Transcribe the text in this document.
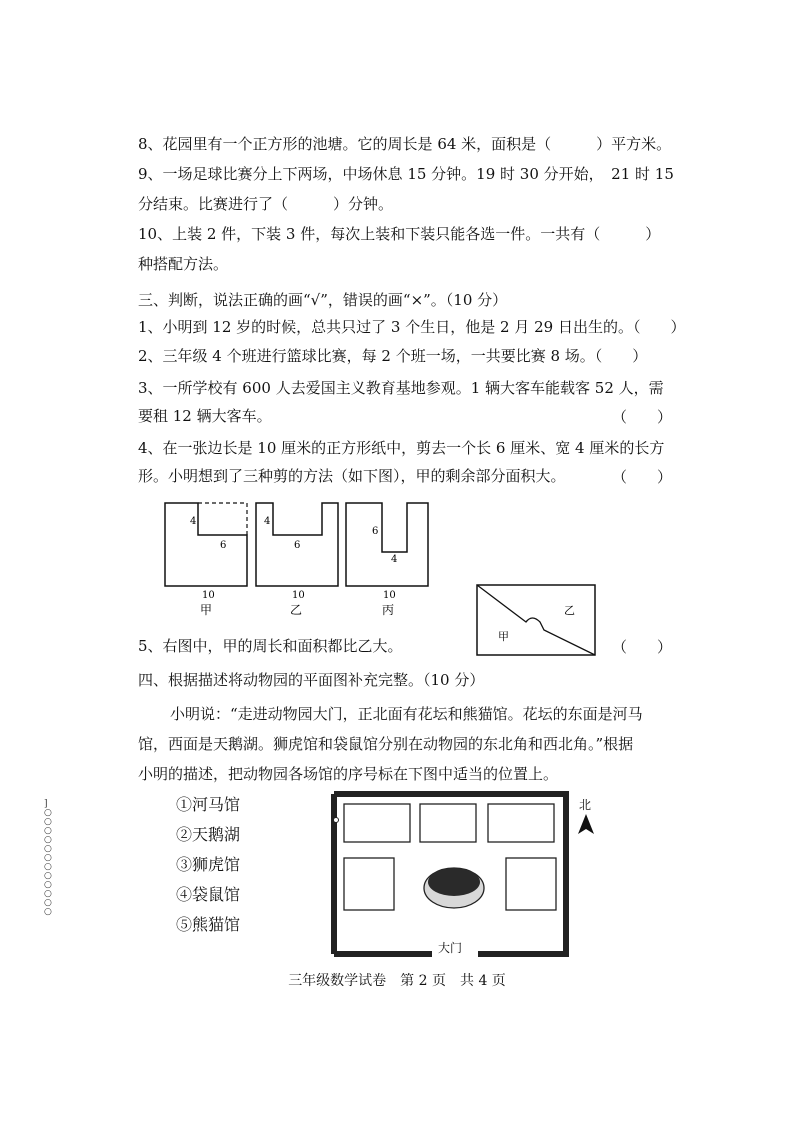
8、花园里有一个正方形的池塘。它的周长是 64 米，面积是（　　　）平方米。
9、一场足球比赛分上下两场，中场休息 15 分钟。19 时 30 分开始，　21 时 15
分结束。比赛进行了（　　　）分钟。
10、上装 2 件，下装 3 件，每次上装和下装只能各选一件。一共有（　　　）
种搭配方法。
三、判断，说法正确的画“√”，错误的画“×”。（10 分）
1、小明到 12 岁的时候，总共只过了 3 个生日，他是 2 月 29 日出生的。（　　）
2、三年级 4 个班进行篮球比赛，每 2 个班一场，一共要比赛 8 场。（　　）
3、一所学校有 600 人去爱国主义教育基地参观。1 辆大客车能载客 52 人，需
要租 12 辆大客车。	（　　）
4、在一张边长是 10 厘米的正方形纸中，剪去一个长 6 厘米、宽 4 厘米的长方
形。小明想到了三种剪的方法（如下图），甲的剩余部分面积大。	（　　）
4
6
10
甲
4
6
10
乙
6
4
10
丙
甲
乙
5、右图中，甲的周长和面积都比乙大。	（　　）
四、根据描述将动物园的平面图补充完整。（10 分）
小明说：“走进动物园大门，正北面有花坛和熊猫馆。花坛的东面是河马
馆，西面是天鹅湖。狮虎馆和袋鼠馆分别在动物园的东北角和西北角。”根据
小明的描述，把动物园各场馆的序号标在下图中适当的位置上。
①河马馆
②天鹅湖
③狮虎馆
④袋鼠馆
⑤熊猫馆
大门
北
]
○
○
○
○
○
○
○
○
○
○
○
○
三年级数学试卷　第 2 页　共 4 页
